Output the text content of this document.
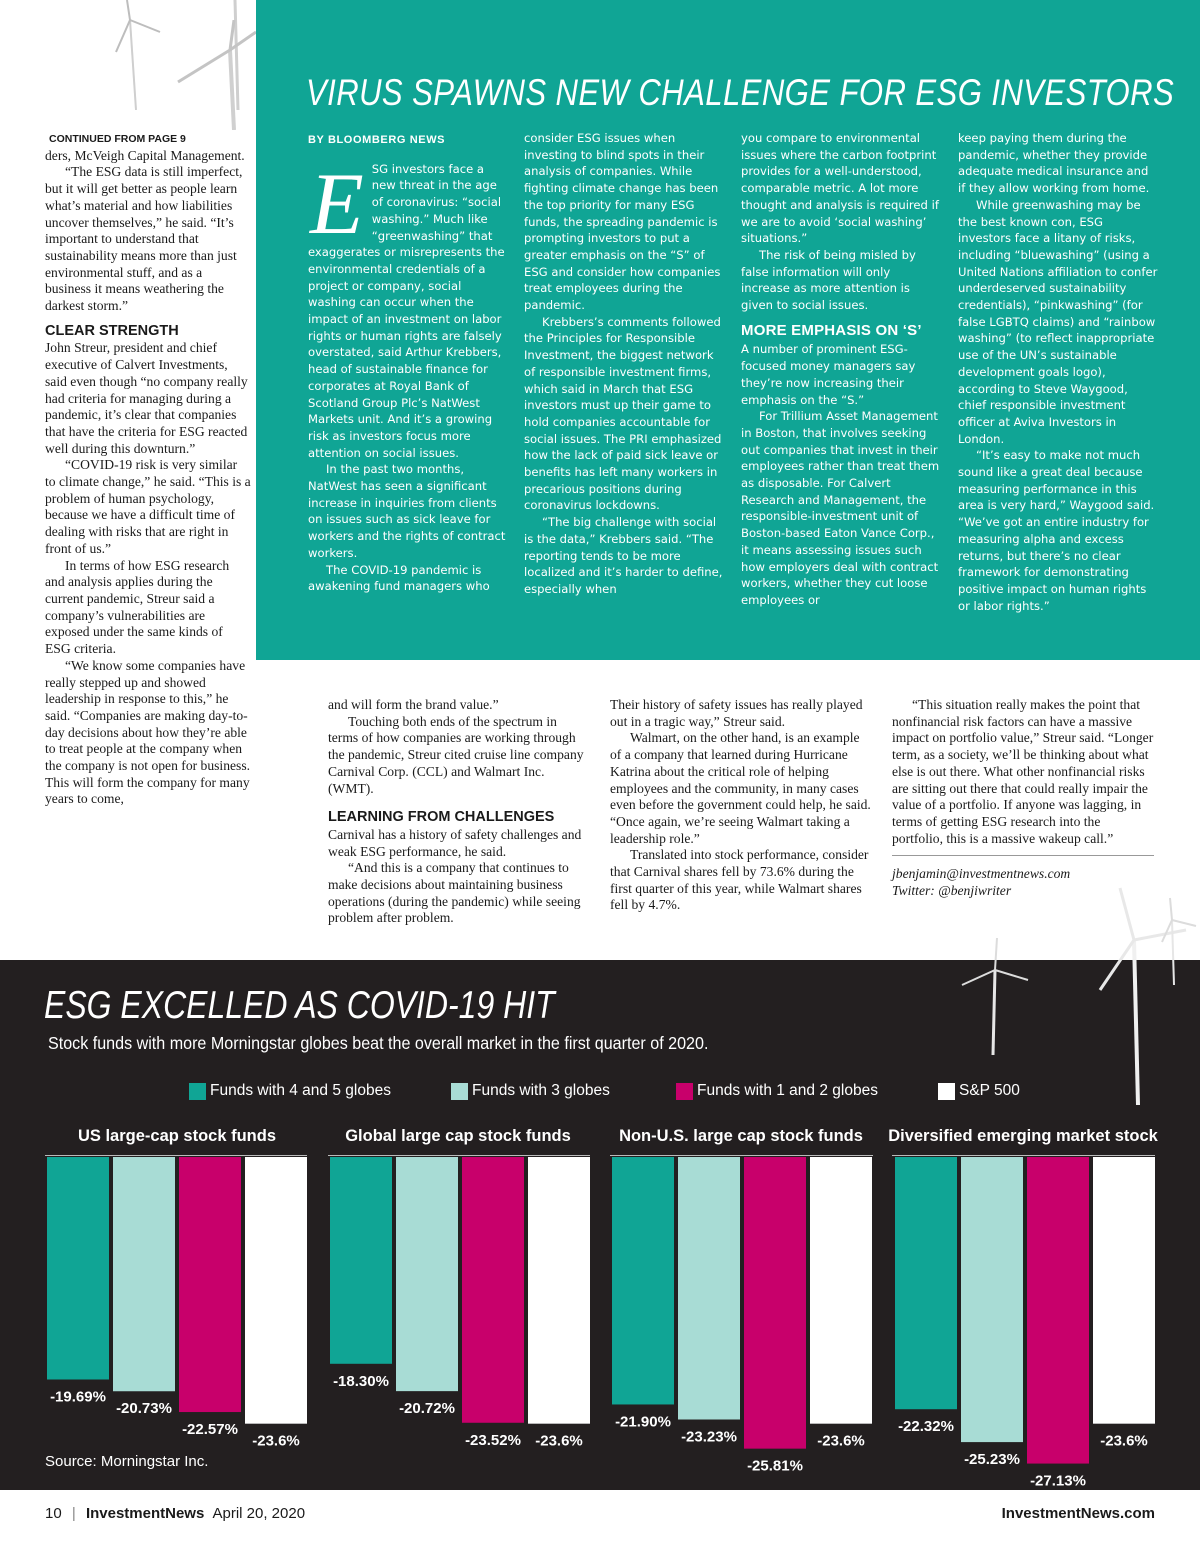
VIRUS SPAWNS NEW CHALLENGE FOR ESG INVESTORS
BY BLOOMBERG NEWS
E SG investors face a new threat in the age of coronavirus: “social washing.” Much like “greenwashing” that exaggerates or misrepresents the environmental credentials of a project or company, social washing can occur when the impact of an investment on labor rights or human rights are falsely overstated, said Arthur Krebbers, head of sustainable finance for corporates at Royal Bank of Scotland Group Plc’s NatWest Markets unit. And it’s a growing risk as investors focus more attention on social issues.

In the past two months, NatWest has seen a significant increase in inquiries from clients on issues such as sick leave for workers and the rights of contract workers.

The COVID-19 pandemic is awakening fund managers who

consider ESG issues when investing to blind spots in their analysis of companies. While fighting climate change has been the top priority for many ESG funds, the spreading pandemic is prompting investors to put a greater emphasis on the “S” of ESG and consider how companies treat employees during the pandemic.

Krebbers’s comments followed the Principles for Responsible Investment, the biggest network of responsible investment firms, which said in March that ESG investors must up their game to hold companies accountable for social issues. The PRI emphasized how the lack of paid sick leave or benefits has left many workers in precarious positions during coronavirus lockdowns.

“The big challenge with social is the data,” Krebbers said. “The reporting tends to be more localized and it’s harder to define, especially when

you compare to environmental issues where the carbon footprint provides for a well-understood, comparable metric. A lot more thought and analysis is required if we are to avoid ‘social washing’ situations.”

The risk of being misled by false information will only increase as more attention is given to social issues.

MORE EMPHASIS ON ‘S’

A number of prominent ESG-focused money managers say they’re now increasing their emphasis on the “S.”

For Trillium Asset Management in Boston, that involves seeking out companies that invest in their employees rather than treat them as disposable. For Calvert Research and Management, the responsible-investment unit of Boston-based Eaton Vance Corp., it means assessing issues such how employers deal with contract workers, whether they cut loose employees or

keep paying them during the pandemic, whether they provide adequate medical insurance and if they allow working from home.

While greenwashing may be the best known con, ESG investors face a litany of risks, including “bluewashing” (using a United Nations affiliation to confer underdeserved sustainability credentials), “pinkwashing” (for false LGBTQ claims) and “rainbow washing” (to reflect inappropriate use of the UN’s sustainable development goals logo), according to Steve Waygood, chief responsible investment officer at Aviva Investors in London.

“It’s easy to make not much sound like a great deal because measuring performance in this area is very hard,” Waygood said. “We’ve got an entire industry for measuring alpha and excess returns, but there’s no clear framework for demonstrating positive impact on human rights or labor rights.”

CONTINUED FROM PAGE 9

ders, McVeigh Capital Management.

“The ESG data is still imperfect, but it will get better as people learn what’s material and how liabilities uncover themselves,” he said. “It’s important to understand that sustainability means more than just environmental stuff, and as a business it means weathering the darkest storm.”

CLEAR STRENGTH

John Streur, president and chief executive of Calvert Investments, said even though “no company really had criteria for managing during a pandemic, it’s clear that companies that have the criteria for ESG reacted well during this downturn.”

“COVID-19 risk is very similar to climate change,” he said. “This is a problem of human psychology, because we have a difficult time of dealing with risks that are right in front of us.”

In terms of how ESG research and analysis applies during the current pandemic, Streur said a company’s vulnerabilities are exposed under the same kinds of ESG criteria.

“We know some companies have really stepped up and showed leadership in response to this,” he said. “Companies are making day-to-day decisions about how they’re able to treat people at the company when the company is not open for business. This will form the company for many years to come,

and will form the brand value.”

Touching both ends of the spectrum in terms of how companies are working through the pandemic, Streur cited cruise line company Carnival Corp. (CCL) and Walmart Inc. (WMT).

LEARNING FROM CHALLENGES

Carnival has a history of safety challenges and weak ESG performance, he said.

“And this is a company that continues to make decisions about maintaining business operations (during the pandemic) while seeing problem after problem.

Their history of safety issues has really played out in a tragic way,” Streur said.

Walmart, on the other hand, is an example of a company that learned during Hurricane Katrina about the critical role of helping employees and the community, in many cases even before the government could help, he said. “Once again, we’re seeing Walmart taking a leadership role.”

Translated into stock performance, consider that Carnival shares fell by 73.6% during the first quarter of this year, while Walmart shares fell by 4.7%.

“This situation really makes the point that nonfinancial risk factors can have a massive impact on portfolio value,” Streur said. “Longer term, as a society, we’ll be thinking about what else is out there. What other nonfinancial risks are sitting out there that could really impair the value of a portfolio. If anyone was lagging, in terms of getting ESG research into the portfolio, this is a massive wakeup call.”

jbenjamin@investmentnews.com
Twitter: @benjiwriter
ESG EXCELLED AS COVID-19 HIT
Stock funds with more Morningstar globes beat the overall market in the first quarter of 2020.
Funds with 4 and 5 globes	Funds with 3 globes	Funds with 1 and 2 globes	S&P 500
US large-cap stock funds	Global large cap stock funds	Non-U.S. large cap stock funds	Diversified emerging market stock
-19.69%
-20.73%
-22.57%
-23.6%
-18.30%
-20.72%
-23.52% -23.6%
-21.90%
-23.23%
-25.81%
-23.6%
-22.32%
-25.23%
-27.13%
-23.6%
Source: Morningstar Inc.
10 | InvestmentNews April 20, 2020	InvestmentNews.com
